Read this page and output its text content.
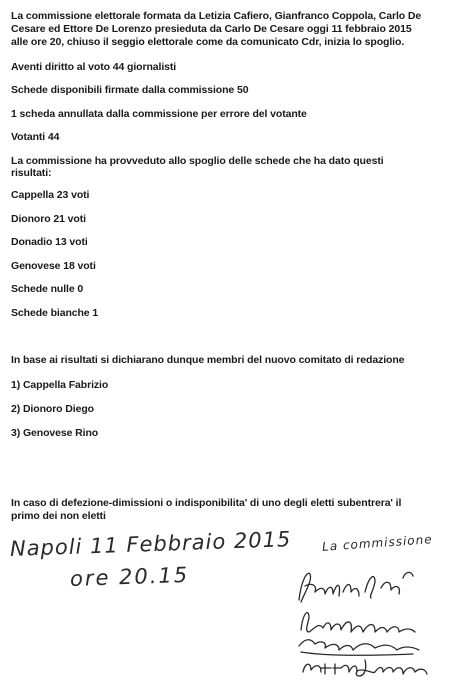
La commissione elettorale formata da Letizia Cafiero, Gianfranco Coppola, Carlo De
Cesare ed Ettore De Lorenzo presieduta da Carlo De Cesare oggi 11 febbraio 2015
alle ore 20, chiuso il seggio elettorale come da comunicato Cdr, inizia lo spoglio.
Aventi diritto al voto 44 giornalisti
Schede disponibili firmate dalla commissione 50
1 scheda annullata dalla commissione per errore del votante
Votanti 44
La commissione ha provveduto allo spoglio delle schede che ha dato questi
risultati:
Cappella 23 voti
Dionoro 21 voti
Donadio 13 voti
Genovese 18 voti
Schede nulle 0
Schede bianche 1
In base ai risultati si dichiarano dunque membri del nuovo comitato di redazione
1) Cappella Fabrizio
2) Dionoro Diego
3) Genovese Rino
In caso di defezione-dimissioni o indisponibilita' di uno degli eletti subentrera' il
primo dei non eletti
Napoli 11 Febbraio 2015
ore 20.15
La commissione
